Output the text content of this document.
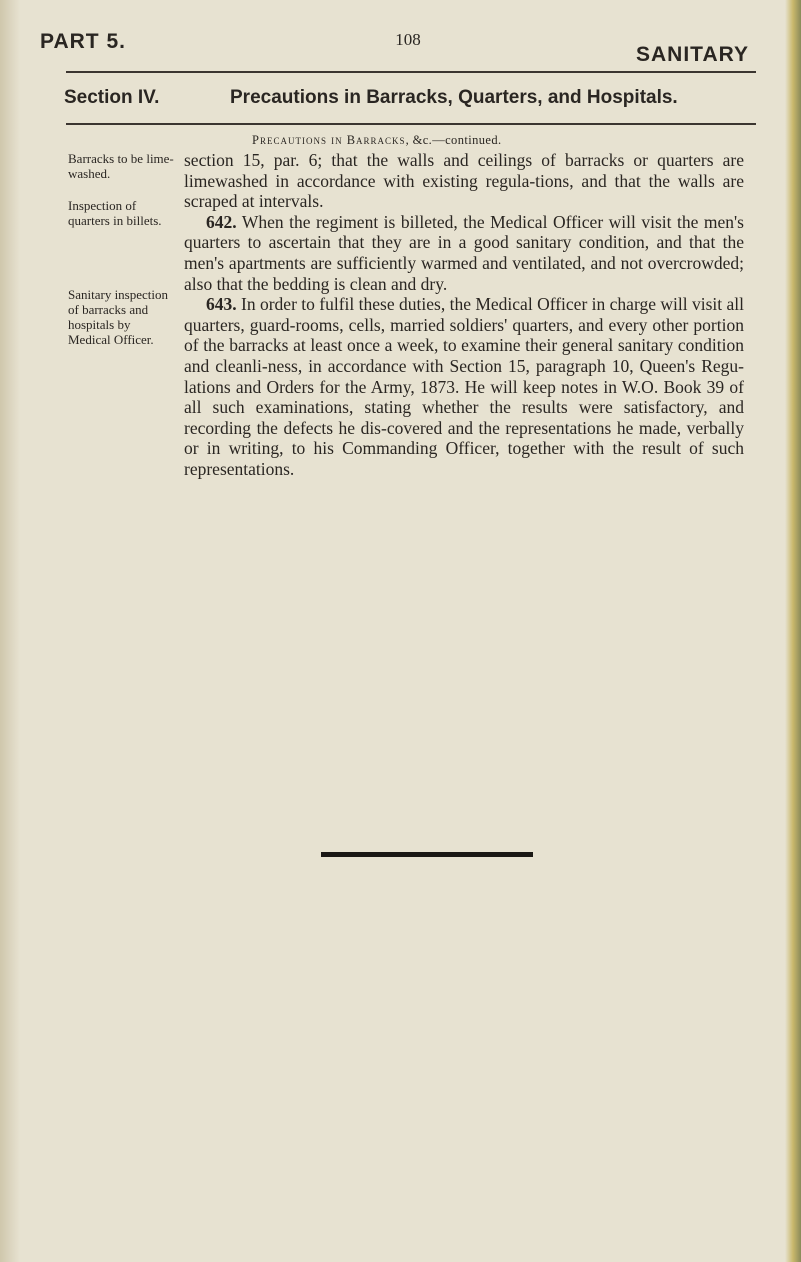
PART 5.	108
SANITARY
Section IV.	Precautions in Barracks, Quarters, and Hospitals.
Precautions in Barracks, &c.—continued.
Barracks to be lime-washed.
Inspection of quarters in billets.
Sanitary inspection of barracks and hospitals by Medical Officer.

section 15, par. 6; that the walls and ceilings of barracks or quarters are limewashed in accordance with existing regula-tions, and that the walls are scraped at intervals.

642. When the regiment is billeted, the Medical Officer will visit the men's quarters to ascertain that they are in a good sanitary condition, and that the men's apartments are sufficiently warmed and ventilated, and not overcrowded; also that the bedding is clean and dry.

643. In order to fulfil these duties, the Medical Officer in charge will visit all quarters, guard-rooms, cells, married soldiers' quarters, and every other portion of the barracks at least once a week, to examine their general sanitary condition and cleanli-ness, in accordance with Section 15, paragraph 10, Queen's Regu-lations and Orders for the Army, 1873. He will keep notes in W.O. Book 39 of all such examinations, stating whether the results were satisfactory, and recording the defects he dis-covered and the representations he made, verbally or in writing, to his Commanding Officer, together with the result of such representations.
